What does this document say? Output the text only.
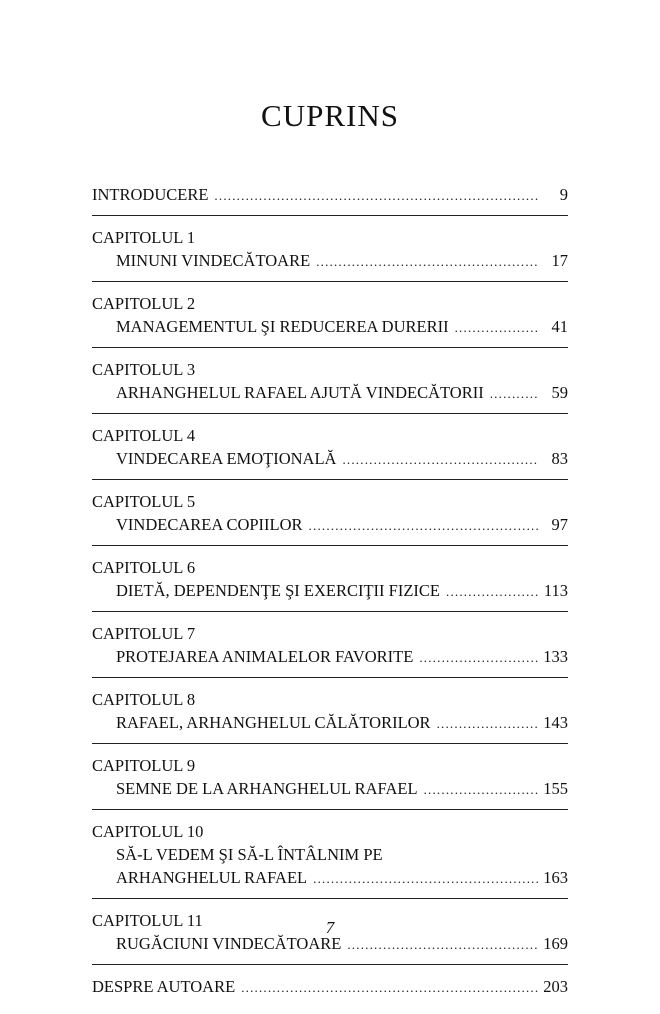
CUPRINS
INTRODUCERE .....	9
CAPITOLUL 1
MINUNI VINDECĂTOARE .....	17
CAPITOLUL 2
MANAGEMENTUL ŞI REDUCEREA DURERII .....	41
CAPITOLUL 3
ARHANGHELUL RAFAEL AJUTĂ VINDECĂTORII .....	59
CAPITOLUL 4
VINDECAREA EMOŢIONALĂ .....	83
CAPITOLUL 5
VINDECAREA COPIILOR .....	97
CAPITOLUL 6
DIETĂ, DEPENDENŢE ŞI EXERCIŢII FIZICE .....	113
CAPITOLUL 7
PROTEJAREA ANIMALELOR FAVORITE .....	133
CAPITOLUL 8
RAFAEL, ARHANGHELUL CĂLĂTORILOR .....	143
CAPITOLUL 9
SEMNE DE LA ARHANGHELUL RAFAEL .....	155
CAPITOLUL 10
SĂ-L VEDEM ŞI SĂ-L ÎNTÂLNIM PE
ARHANGHELUL RAFAEL .....	163
CAPITOLUL 11
RUGĂCIUNI VINDECĂTOARE .....	169
DESPRE AUTOARE .....	203
7
